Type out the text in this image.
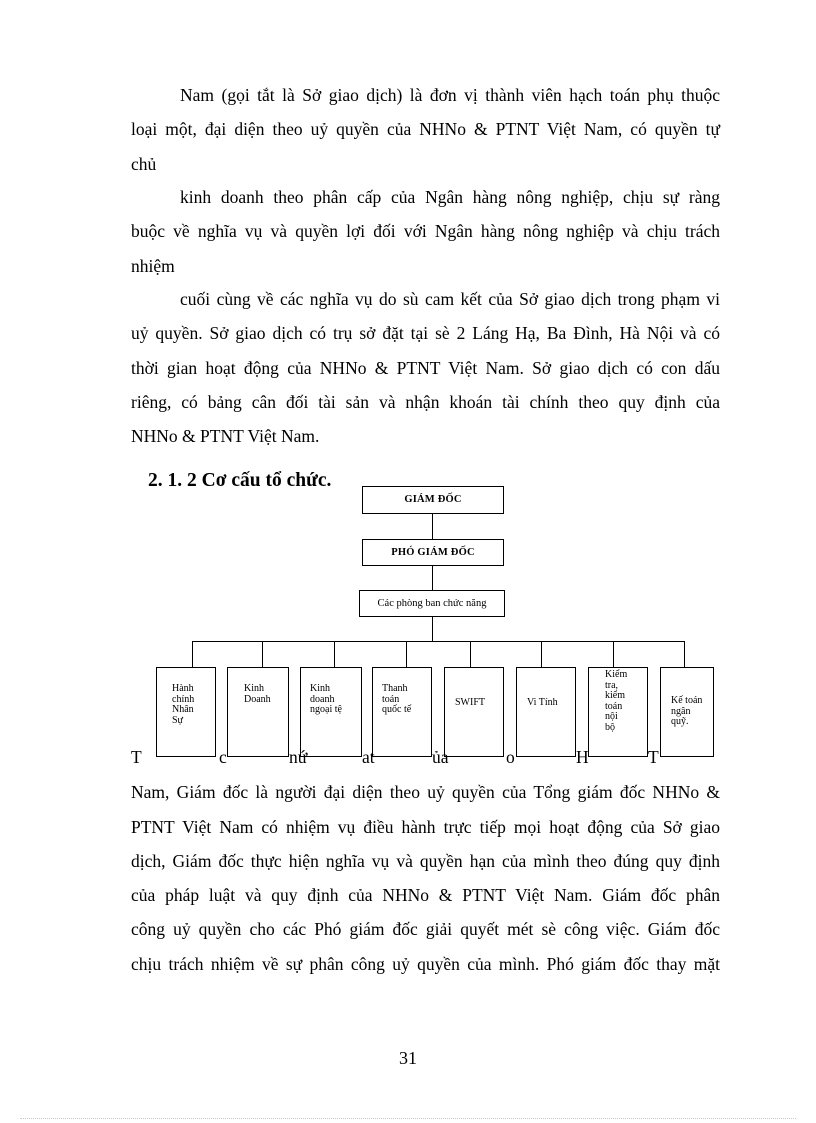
Nam (gọi tắt là Sở giao dịch) là đơn vị thành viên hạch toán phụ thuộc
loại một, đại diện theo uỷ quyền của NHNo & PTNT Việt Nam, có quyền tự
chủ
kinh doanh theo phân cấp của Ngân hàng nông nghiệp, chịu sự ràng
buộc về nghĩa vụ và quyền lợi đối với Ngân hàng nông nghiệp và chịu trách
nhiệm
cuối cùng về các nghĩa vụ do sù cam kết của Sở giao dịch trong phạm vi
uỷ quyền. Sở giao dịch có trụ sở đặt tại sè 2 Láng Hạ, Ba Đình, Hà Nội và có
thời gian hoạt động của NHNo & PTNT Việt Nam. Sở giao dịch có con dấu
riêng, có bảng cân đối tài sản và nhận khoán tài chính theo quy định của
NHNo & PTNT Việt Nam.
2. 1. 2 Cơ cấu tổ chức.
GIÁM ĐỐC
PHÓ GIÁM ĐỐC
Các phòng ban chức năng
Hành
chính
Nhân
Sự
Kinh
Doanh
Kinh
doanh
ngoại tệ
Thanh
toán
quốc tế
SWIFT	Vi Tính
Kiểm
tra,
kiểm
toán
nội
bộ
Kế toán
ngân
quỹ.
T	c	nứ	at	ủa	o	H	T
Nam, Giám đốc là người đại diện theo uỷ quyền của Tổng giám đốc NHNo &
PTNT Việt Nam có nhiệm vụ điều hành trực tiếp mọi hoạt động của Sở giao
dịch, Giám đốc thực hiện nghĩa vụ và quyền hạn của mình theo đúng quy định
của pháp luật và quy định của NHNo & PTNT Việt Nam. Giám đốc phân
công uỷ quyền cho các Phó giám đốc giải quyết mét sè công việc. Giám đốc
chịu trách nhiệm về sự phân công uỷ quyền của mình. Phó giám đốc thay mặt
31
